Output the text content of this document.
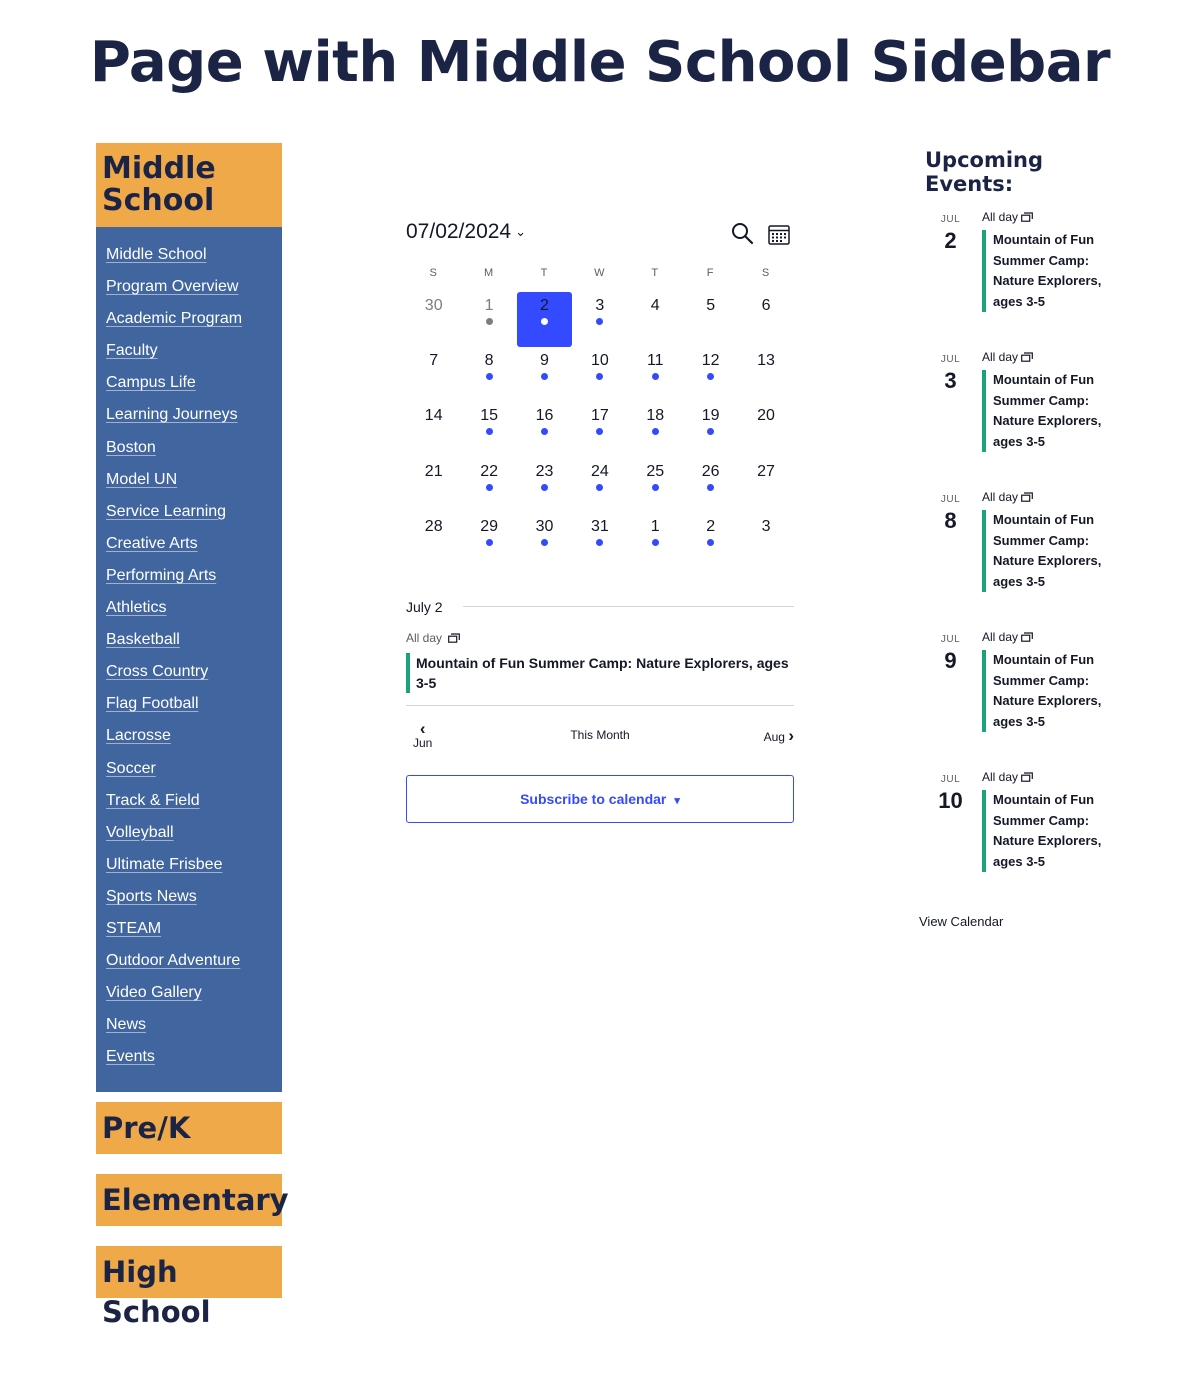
Page with Middle School Sidebar
Middle
School
Middle School
Program Overview
Academic Program
Faculty
Campus Life
Learning Journeys
Boston
Model UN
Service Learning
Creative Arts
Performing Arts
Athletics
Basketball
Cross Country
Flag Football
Lacrosse
Soccer
Track & Field
Volleyball
Ultimate Frisbee
Sports News
STEAM
Outdoor Adventure
Video Gallery
News
Events
Pre/K
Elementary
High School
07/02/2024 ⌄
S	M	T	W	T	F	S
30	1	2	3	4	5	6
7	8	9	10	11	12	13
14	15	16	17	18	19	20
21	22	23	24	25	26	27
28	29	30	31	1	2	3
July 2
All day
Mountain of Fun Summer Camp: Nature Explorers, ages 3-5
‹
Jun
This Month	Aug ›
Subscribe to calendar ▾
Upcoming
Events:
JUL
2
All day
Mountain of Fun Summer Camp: Nature Explorers, ages 3-5
JUL
3
All day
Mountain of Fun Summer Camp: Nature Explorers, ages 3-5
JUL
8
All day
Mountain of Fun Summer Camp: Nature Explorers, ages 3-5
JUL
9
All day
Mountain of Fun Summer Camp: Nature Explorers, ages 3-5
JUL
10
All day
Mountain of Fun Summer Camp: Nature Explorers, ages 3-5
View Calendar
